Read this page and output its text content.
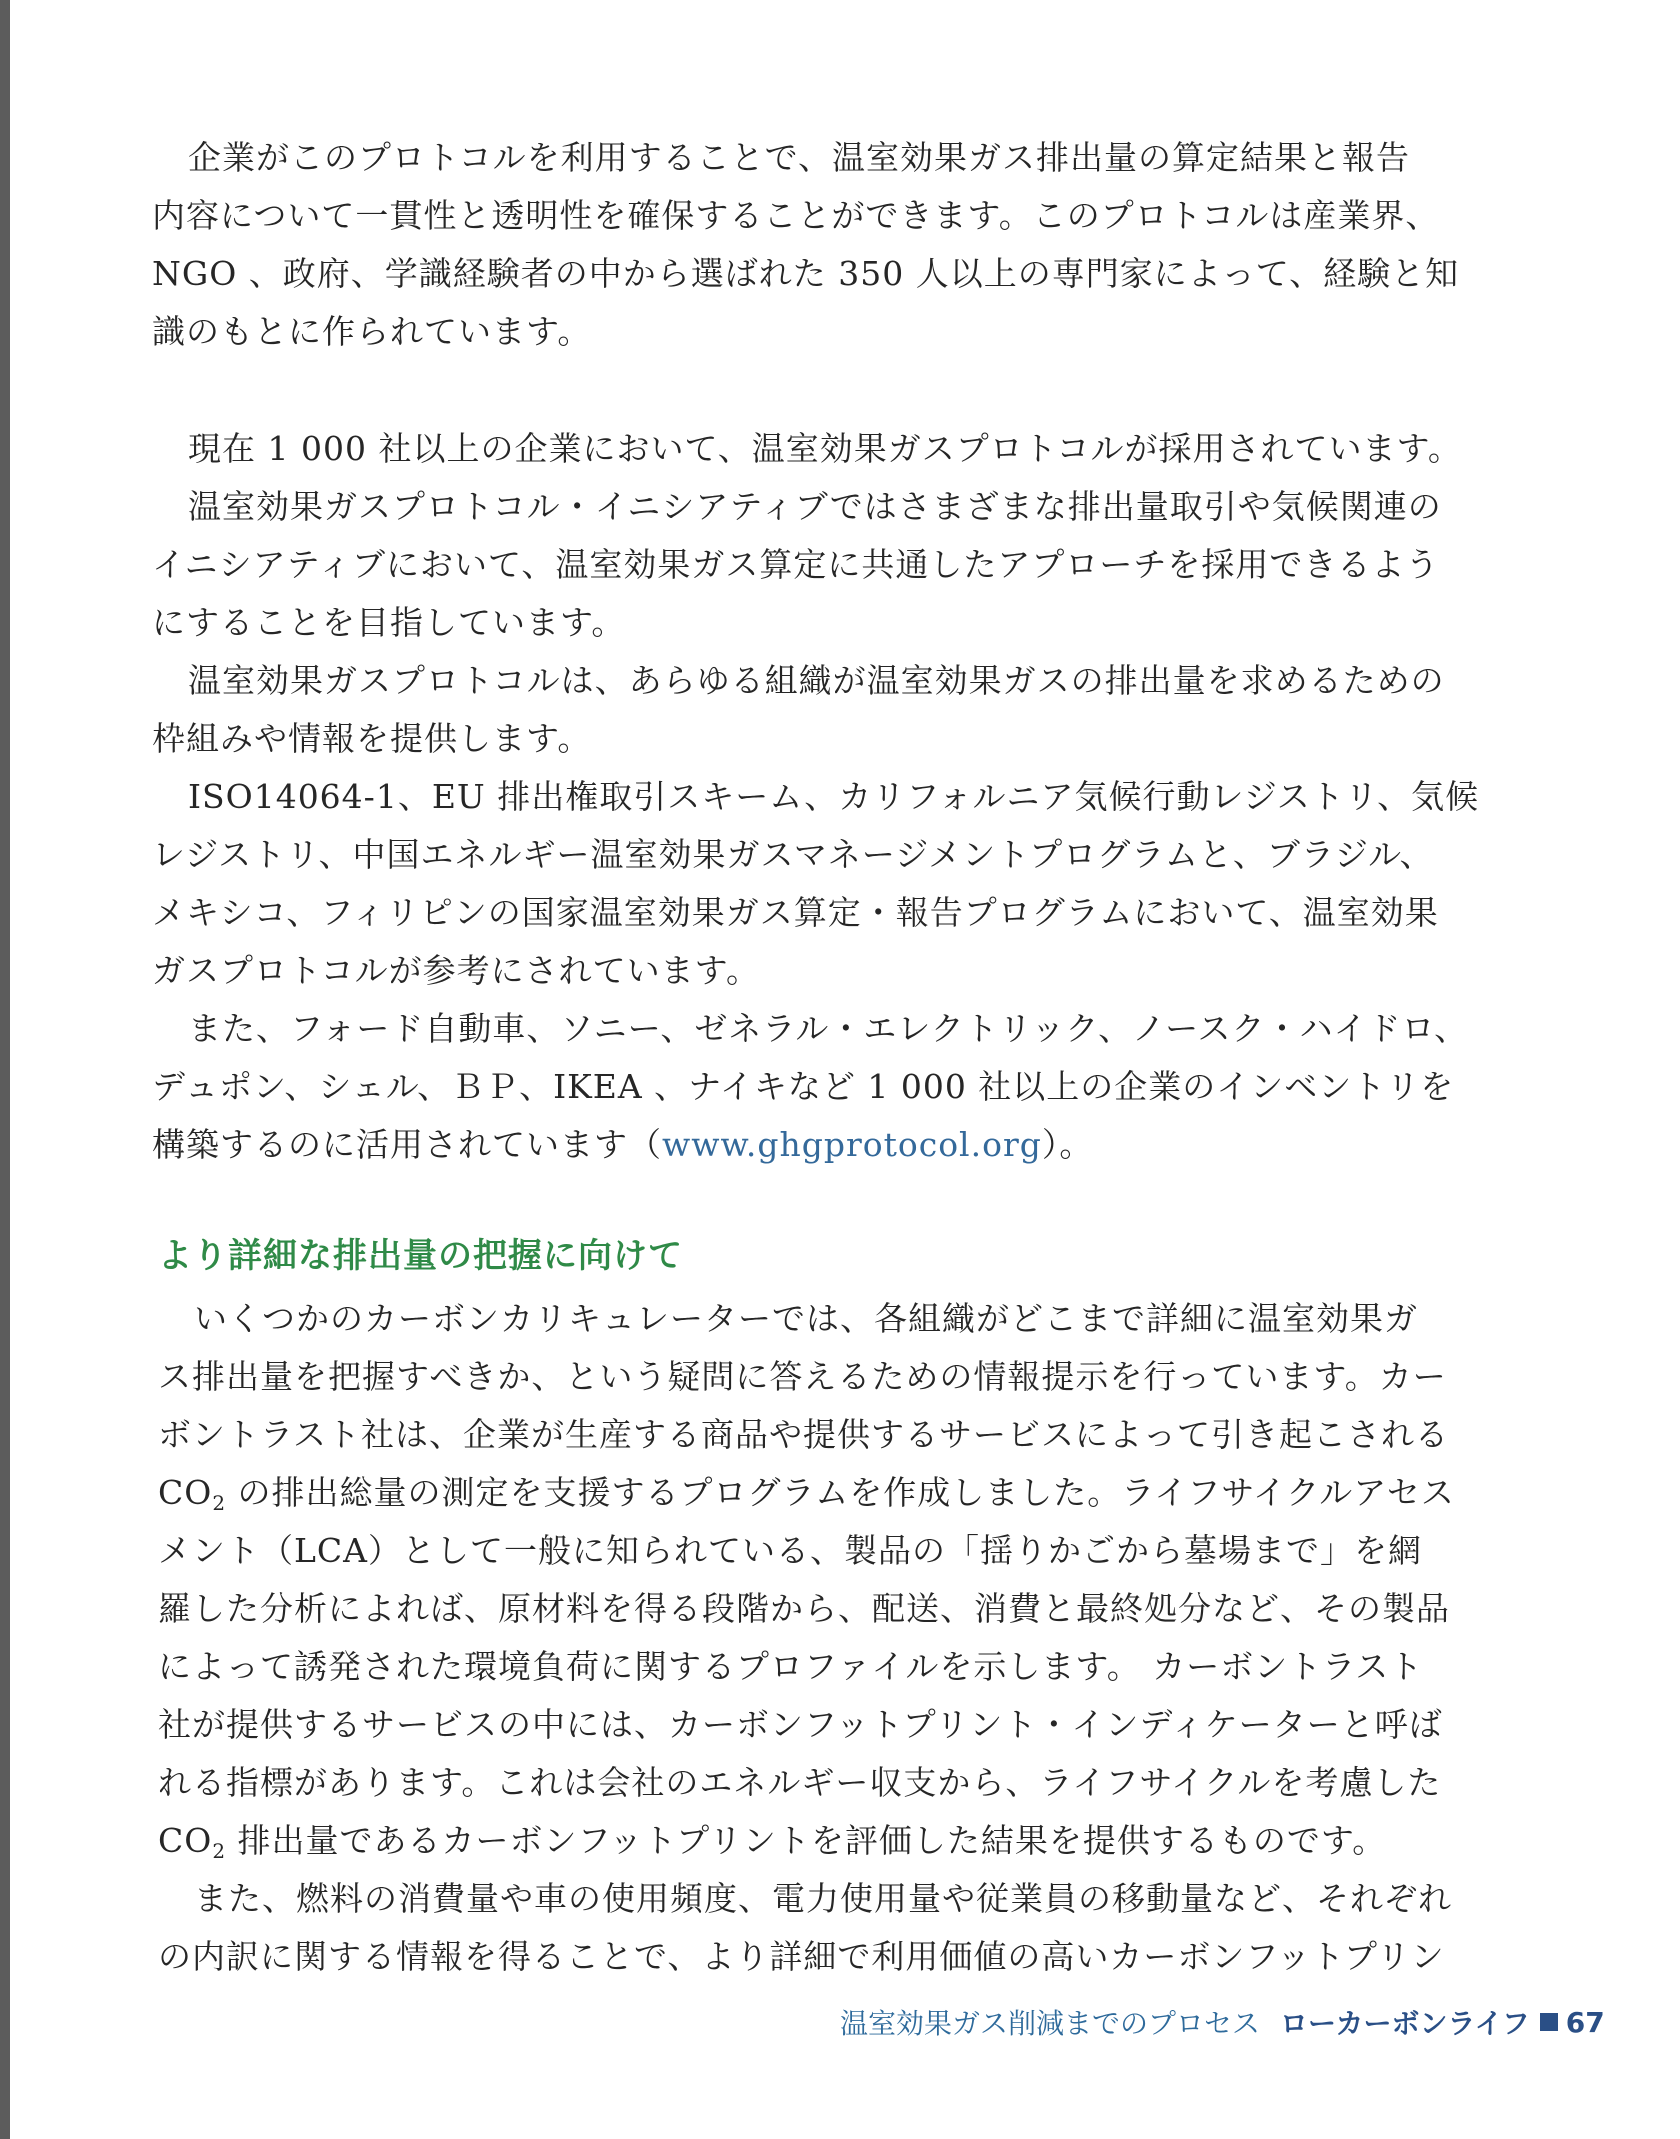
企業がこのプロトコルを利用することで、温室効果ガス排出量の算定結果と報告
内容について一貫性と透明性を確保することができます。このプロトコルは産業界、
NGO 、政府、学識経験者の中から選ばれた 350 人以上の専門家によって、経験と知
識のもとに作られています。
現在 1 000 社以上の企業において、温室効果ガスプロトコルが採用されています。
温室効果ガスプロトコル・イニシアティブではさまざまな排出量取引や気候関連の
イニシアティブにおいて、温室効果ガス算定に共通したアプローチを採用できるよう
にすることを目指しています。
温室効果ガスプロトコルは、あらゆる組織が温室効果ガスの排出量を求めるための
枠組みや情報を提供します。
ISO14064-1、EU 排出権取引スキーム、カリフォルニア気候行動レジストリ、気候
レジストリ、中国エネルギー温室効果ガスマネージメントプログラムと、ブラジル、
メキシコ、フィリピンの国家温室効果ガス算定・報告プログラムにおいて、温室効果
ガスプロトコルが参考にされています。
また、フォード自動車、ソニー、ゼネラル・エレクトリック、ノースク・ハイドロ、
デュポン、シェル、ＢＰ、IKEA 、ナイキなど 1 000 社以上の企業のインベントリを
構築するのに活用されています（www.ghgprotocol.org）。
より詳細な排出量の把握に向けて
いくつかのカーボンカリキュレーターでは、各組織がどこまで詳細に温室効果ガ
ス排出量を把握すべきか、という疑問に答えるための情報提示を行っています。カー
ボントラスト社は、企業が生産する商品や提供するサービスによって引き起こされる
$CO_2$ の排出総量の測定を支援するプログラムを作成しました。ライフサイクルアセス
メント（LCA）として一般に知られている、製品の「揺りかごから墓場まで」を網
羅した分析によれば、原材料を得る段階から、配送、消費と最終処分など、その製品
によって誘発された環境負荷に関するプロファイルを示します。 カーボントラスト
社が提供するサービスの中には、カーボンフットプリント・インディケーターと呼ば
れる指標があります。これは会社のエネルギー収支から、ライフサイクルを考慮した
$CO_2$ 排出量であるカーボンフットプリントを評価した結果を提供するものです。
また、燃料の消費量や車の使用頻度、電力使用量や従業員の移動量など、それぞれ
の内訳に関する情報を得ることで、より詳細で利用価値の高いカーボンフットプリン
温室効果ガス削減までのプロセス ローカーボンライフ 67
